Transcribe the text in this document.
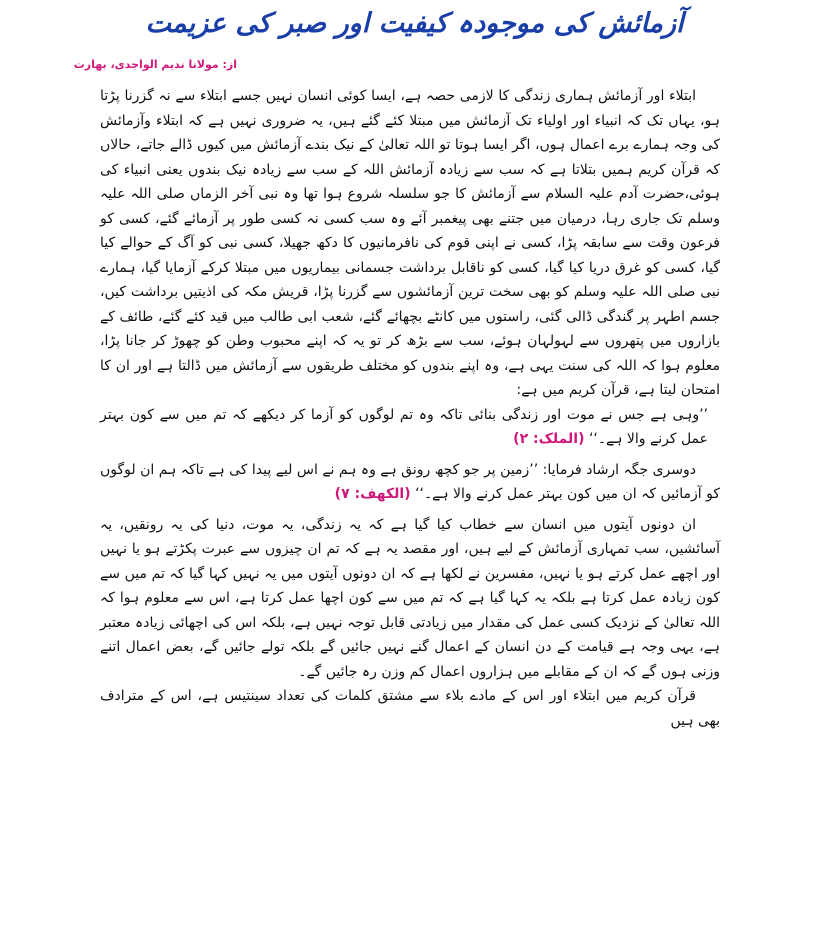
آزمائش کی موجودہ کیفیت اور صبر کی عزیمت
از: مولانا ندیم الواجدی، بھارت

ابتلاء اور آزمائش ہماری زندگی کا لازمی حصہ ہے، ایسا کوئی انسان نہیں جسے ابتلاء سے نہ گزرنا پڑتا ہو، یہاں تک کہ انبیاء اور اولیاء تک آزمائش میں مبتلا کئے گئے ہیں، یہ ضروری نہیں ہے کہ ابتلاء وآزمائش کی وجہ ہمارے برے اعمال ہوں، اگر ایسا ہوتا تو اللہ تعالیٰ کے نیک بندے آزمائش میں کیوں ڈالے جاتے، حالاں کہ قرآن کریم ہمیں بتلاتا ہے کہ سب سے زیادہ آزمائش اللہ کے سب سے زیادہ نیک بندوں یعنی انبیاء کی ہوئی،حضرت آدم علیہ السلام سے آزمائش کا جو سلسلہ شروع ہوا تھا وہ نبی آخر الزماں صلی اللہ علیہ وسلم تک جاری رہا، درمیان میں جتنے بھی پیغمبر آئے وہ سب کسی نہ کسی طور پر آزمائے گئے، کسی کو فرعون وقت سے سابقہ پڑا، کسی نے اپنی قوم کی نافرمانیوں کا دکھ جھیلا، کسی نبی کو آگ کے حوالے کیا گیا، کسی کو غرق دریا کیا گیا، کسی کو ناقابل برداشت جسمانی بیماریوں میں مبتلا کرکے آزمایا گیا، ہمارے نبی صلی اللہ علیہ وسلم کو بھی سخت ترین آزمائشوں سے گزرنا پڑا، قریش مکہ کی اذیتیں برداشت کیں، جسم اطہر پر گندگی ڈالی گئی، راستوں میں کانٹے بچھائے گئے، شعب ابی طالب میں قید کئے گئے، طائف کے بازاروں میں پتھروں سے لہولہان ہوئے، سب سے بڑھ کر تو یہ کہ اپنے محبوب وطن کو چھوڑ کر جانا پڑا، معلوم ہوا کہ اللہ کی سنت یہی ہے، وہ اپنے بندوں کو مختلف طریقوں سے آزمائش میں ڈالتا ہے اور ان کا امتحان لیتا ہے، قرآن کریم میں ہے:

’’وہی ہے جس نے موت اور زندگی بنائی تاکہ وہ تم لوگوں کو آزما کر دیکھے کہ تم میں سے کون بہتر عمل کرنے والا ہے۔‘‘ (الملک: ۲)

دوسری جگہ ارشاد فرمایا: ’’زمین پر جو کچھ رونق ہے وہ ہم نے اس لیے پیدا کی ہے تاکہ ہم ان لوگوں کو آزمائیں کہ ان میں کون بہتر عمل کرنے والا ہے۔‘‘ (الکھف: ۷)

ان دونوں آیتوں میں انسان سے خطاب کیا گیا ہے کہ یہ زندگی، یہ موت، دنیا کی یہ رونقیں، یہ آسائشیں، سب تمہاری آزمائش کے لیے ہیں، اور مقصد یہ ہے کہ تم ان چیزوں سے عبرت پکڑتے ہو یا نہیں اور اچھے عمل کرتے ہو یا نہیں، مفسرین نے لکھا ہے کہ ان دونوں آیتوں میں یہ نہیں کہا گیا کہ تم میں سے کون زیادہ عمل کرتا ہے بلکہ یہ کہا گیا ہے کہ تم میں سے کون اچھا عمل کرتا ہے، اس سے معلوم ہوا کہ اللہ تعالیٰ کے نزدیک کسی عمل کی مقدار میں زیادتی قابل توجہ نہیں ہے، بلکہ اس کی اچھائی زیادہ معتبر ہے، یہی وجہ ہے قیامت کے دن انسان کے اعمال گنے نہیں جائیں گے بلکہ تولے جائیں گے، بعض اعمال اتنے وزنی ہوں گے کہ ان کے مقابلے میں ہزاروں اعمال کم وزن رہ جائیں گے۔

قرآن کریم میں ابتلاء اور اس کے مادے بلاء سے مشتق کلمات کی تعداد سینتیس ہے، اس کے مترادف بھی ہیں
